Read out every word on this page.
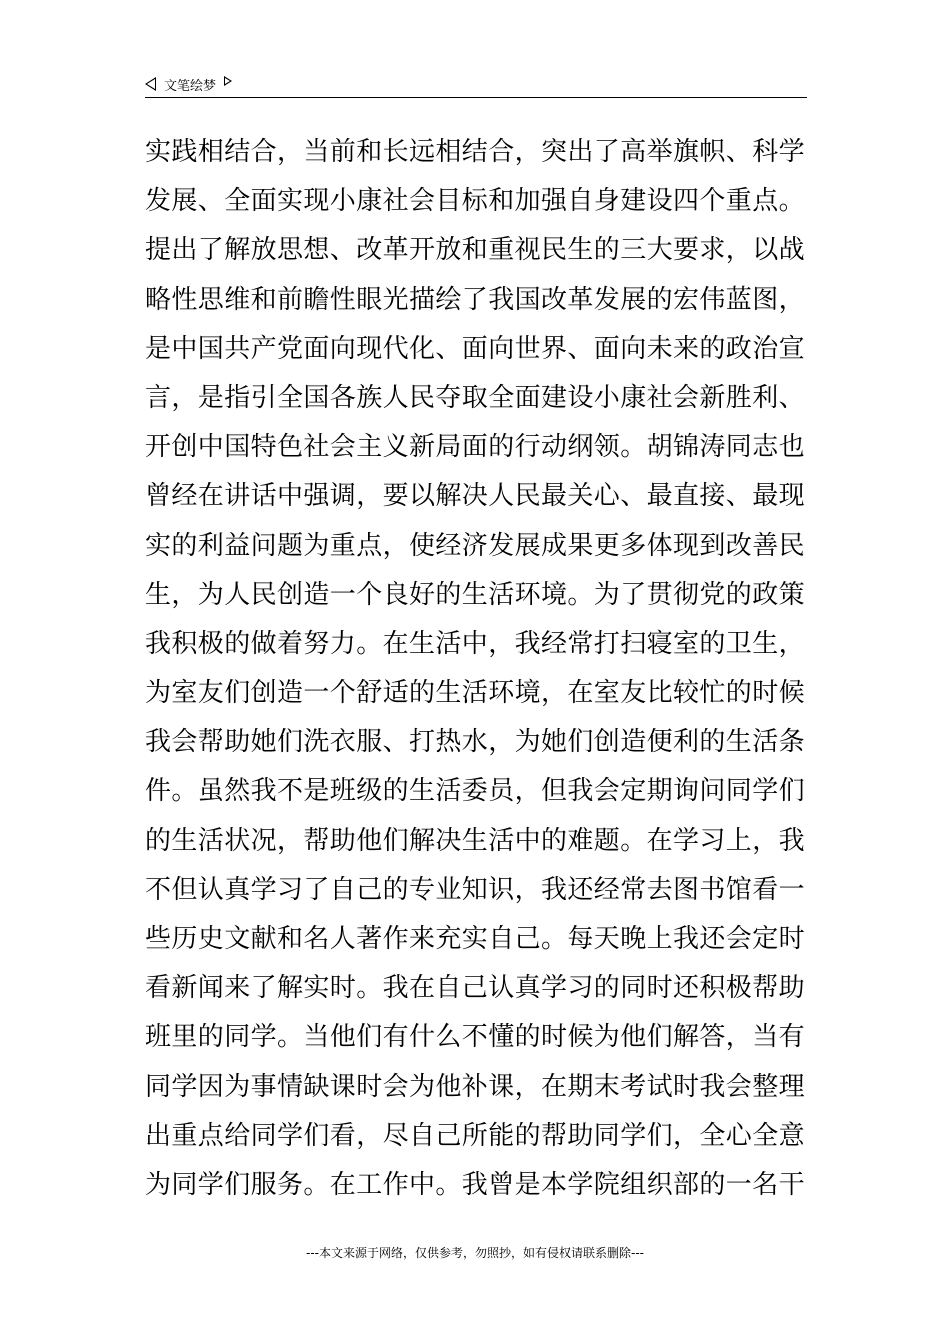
文笔绘梦
实践相结合，当前和长远相结合，突出了高举旗帜、科学
发展、全面实现小康社会目标和加强自身建设四个重点。
提出了解放思想、改革开放和重视民生的三大要求，以战
略性思维和前瞻性眼光描绘了我国改革发展的宏伟蓝图，
是中国共产党面向现代化、面向世界、面向未来的政治宣
言，是指引全国各族人民夺取全面建设小康社会新胜利、
开创中国特色社会主义新局面的行动纲领。胡锦涛同志也
曾经在讲话中强调，要以解决人民最关心、最直接、最现
实的利益问题为重点，使经济发展成果更多体现到改善民
生，为人民创造一个良好的生活环境。为了贯彻党的政策
我积极的做着努力。在生活中，我经常打扫寝室的卫生，
为室友们创造一个舒适的生活环境，在室友比较忙的时候
我会帮助她们洗衣服、打热水，为她们创造便利的生活条
件。虽然我不是班级的生活委员，但我会定期询问同学们
的生活状况，帮助他们解决生活中的难题。在学习上，我
不但认真学习了自己的专业知识，我还经常去图书馆看一
些历史文献和名人著作来充实自己。每天晚上我还会定时
看新闻来了解实时。我在自己认真学习的同时还积极帮助
班里的同学。当他们有什么不懂的时候为他们解答，当有
同学因为事情缺课时会为他补课，在期末考试时我会整理
出重点给同学们看，尽自己所能的帮助同学们，全心全意
为同学们服务。在工作中。我曾是本学院组织部的一名干
---本文来源于网络，仅供参考，勿照抄，如有侵权请联系删除---
